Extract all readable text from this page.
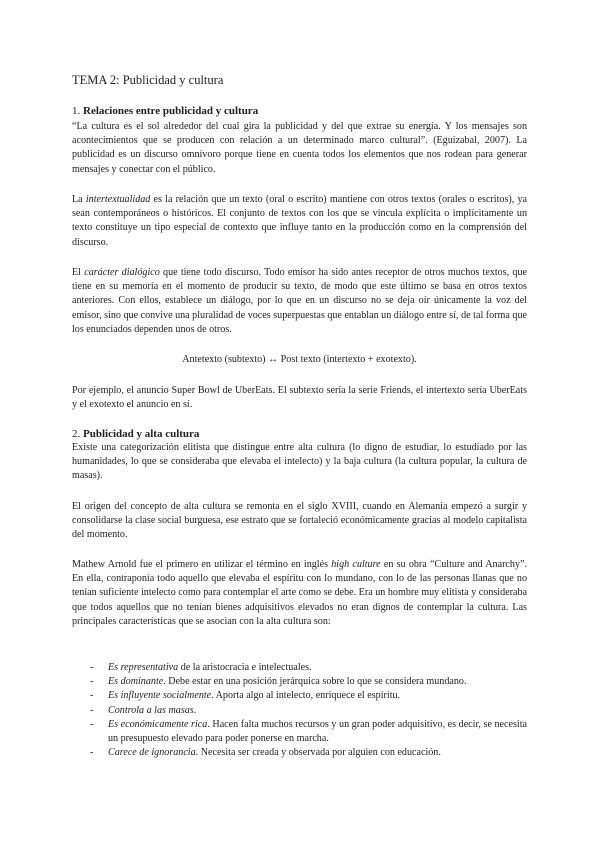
TEMA 2: Publicidad y cultura

1. Relaciones entre publicidad y cultura

“La cultura es el sol alrededor del cual gira la publicidad y del que extrae su energía. Y los mensajes son acontecimientos que se producen con relación a un determinado marco cultural”. (Eguizabal, 2007). La publicidad es un discurso omnívoro porque tiene en cuenta todos los elementos que nos rodean para generar mensajes y conectar con el público.

La intertextualidad es la relación que un texto (oral o escrito) mantiene con otros textos (orales o escritos), ya sean contemporáneos o históricos. El conjunto de textos con los que se vincula explícita o implícitamente un texto constituye un tipo especial de contexto que influye tanto en la producción como en la comprensión del discurso.

El carácter dialógico que tiene todo discurso. Todo emisor ha sido antes receptor de otros muchos textos, que tiene en su memoria en el momento de producir su texto, de modo que este último se basa en otros textos anteriores. Con ellos, establece un diálogo, por lo que en un discurso no se deja oír únicamente la voz del emisor, sino que convive una pluralidad de voces superpuestas que entablan un diálogo entre sí, de tal forma que los enunciados dependen unos de otros.

Antetexto (subtexto) ↔ Post texto (intertexto + exotexto).

Por ejemplo, el anuncio Super Bowl de UberEats. El subtexto sería la serie Friends, el intertexto sería UberEats y el exotexto el anuncio en sí.

2. Publicidad y alta cultura

Existe una categorización elitista que distingue entre alta cultura (lo digno de estudiar, lo estudiado por las humanidades, lo que se consideraba que elevaba el intelecto) y la baja cultura (la cultura popular, la cultura de masas).

El origen del concepto de alta cultura se remonta en el siglo XVIII, cuando en Alemania empezó a surgir y consolidarse la clase social burguesa, ese estrato que se fortaleció económicamente gracias al modelo capitalista del momento.

Mathew Arnold fue el primero en utilizar el término en inglés high culture en su obra “Culture and Anarchy”. En ella, contraponía todo aquello que elevaba el espíritu con lo mundano, con lo de las personas llanas que no tenían suficiente intelecto como para contemplar el arte como se debe. Era un hombre muy elitista y consideraba que todos aquellos que no tenían bienes adquisitivos elevados no eran dignos de contemplar la cultura. Las principales características que se asocian con la alta cultura son:

- Es representativa de la aristocracia e intelectuales.
- Es dominante. Debe estar en una posición jerárquica sobre lo que se considera mundano.
- Es influyente socialmente. Aporta algo al intelecto, enriquece el espíritu.
- Controla a las masas.
- Es económicamente rica. Hacen falta muchos recursos y un gran poder adquisitivo, es decir, se necesita un presupuesto elevado para poder ponerse en marcha.
- Carece de ignorancia. Necesita ser creada y observada por alguien con educación.
